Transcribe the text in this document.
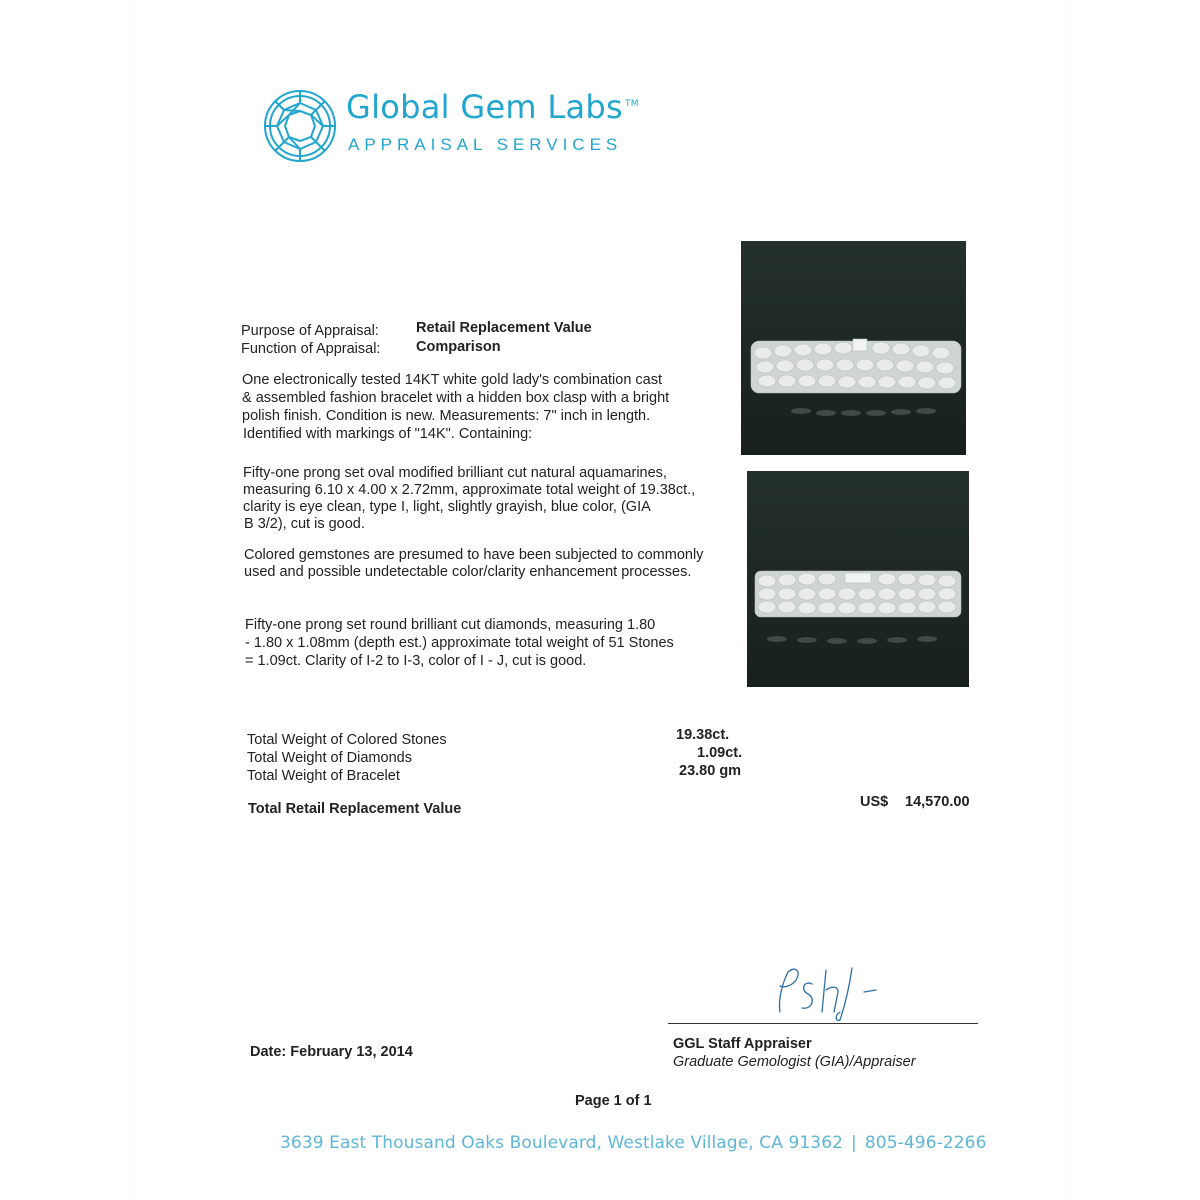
Global Gem Labs ™
APPRAISAL SERVICES
Purpose of Appraisal:	Retail Replacement Value
Function of Appraisal: Comparison
One electronically tested 14KT white gold lady's combination cast
& assembled fashion bracelet with a hidden box clasp with a bright
polish finish. Condition is new. Measurements: 7" inch in length.
Identified with markings of "14K". Containing:
Fifty-one prong set oval modified brilliant cut natural aquamarines,
measuring 6.10 x 4.00 x 2.72mm, approximate total weight of 19.38ct.,
clarity is eye clean, type I, light, slightly grayish, blue color, (GIA
B 3/2), cut is good.
Colored gemstones are presumed to have been subjected to commonly
used and possible undetectable color/clarity enhancement processes.
Fifty-one prong set round brilliant cut diamonds, measuring 1.80
- 1.80 x 1.08mm (depth est.) approximate total weight of 51 Stones
= 1.09ct. Clarity of I-2 to I-3, color of I - J, cut is good.
Total Weight of Colored Stones	19.38ct.
Total Weight of Diamonds	1.09ct.
Total Weight of Bracelet	23.80 gm
Total Retail Replacement Value	US$ 14,570.00
Date: February 13, 2014	GGL Staff Appraiser
Graduate Gemologist (GIA)/Appraiser
Page 1 of 1
3639 East Thousand Oaks Boulevard, Westlake Village, CA 91362 | 805-496-2266
